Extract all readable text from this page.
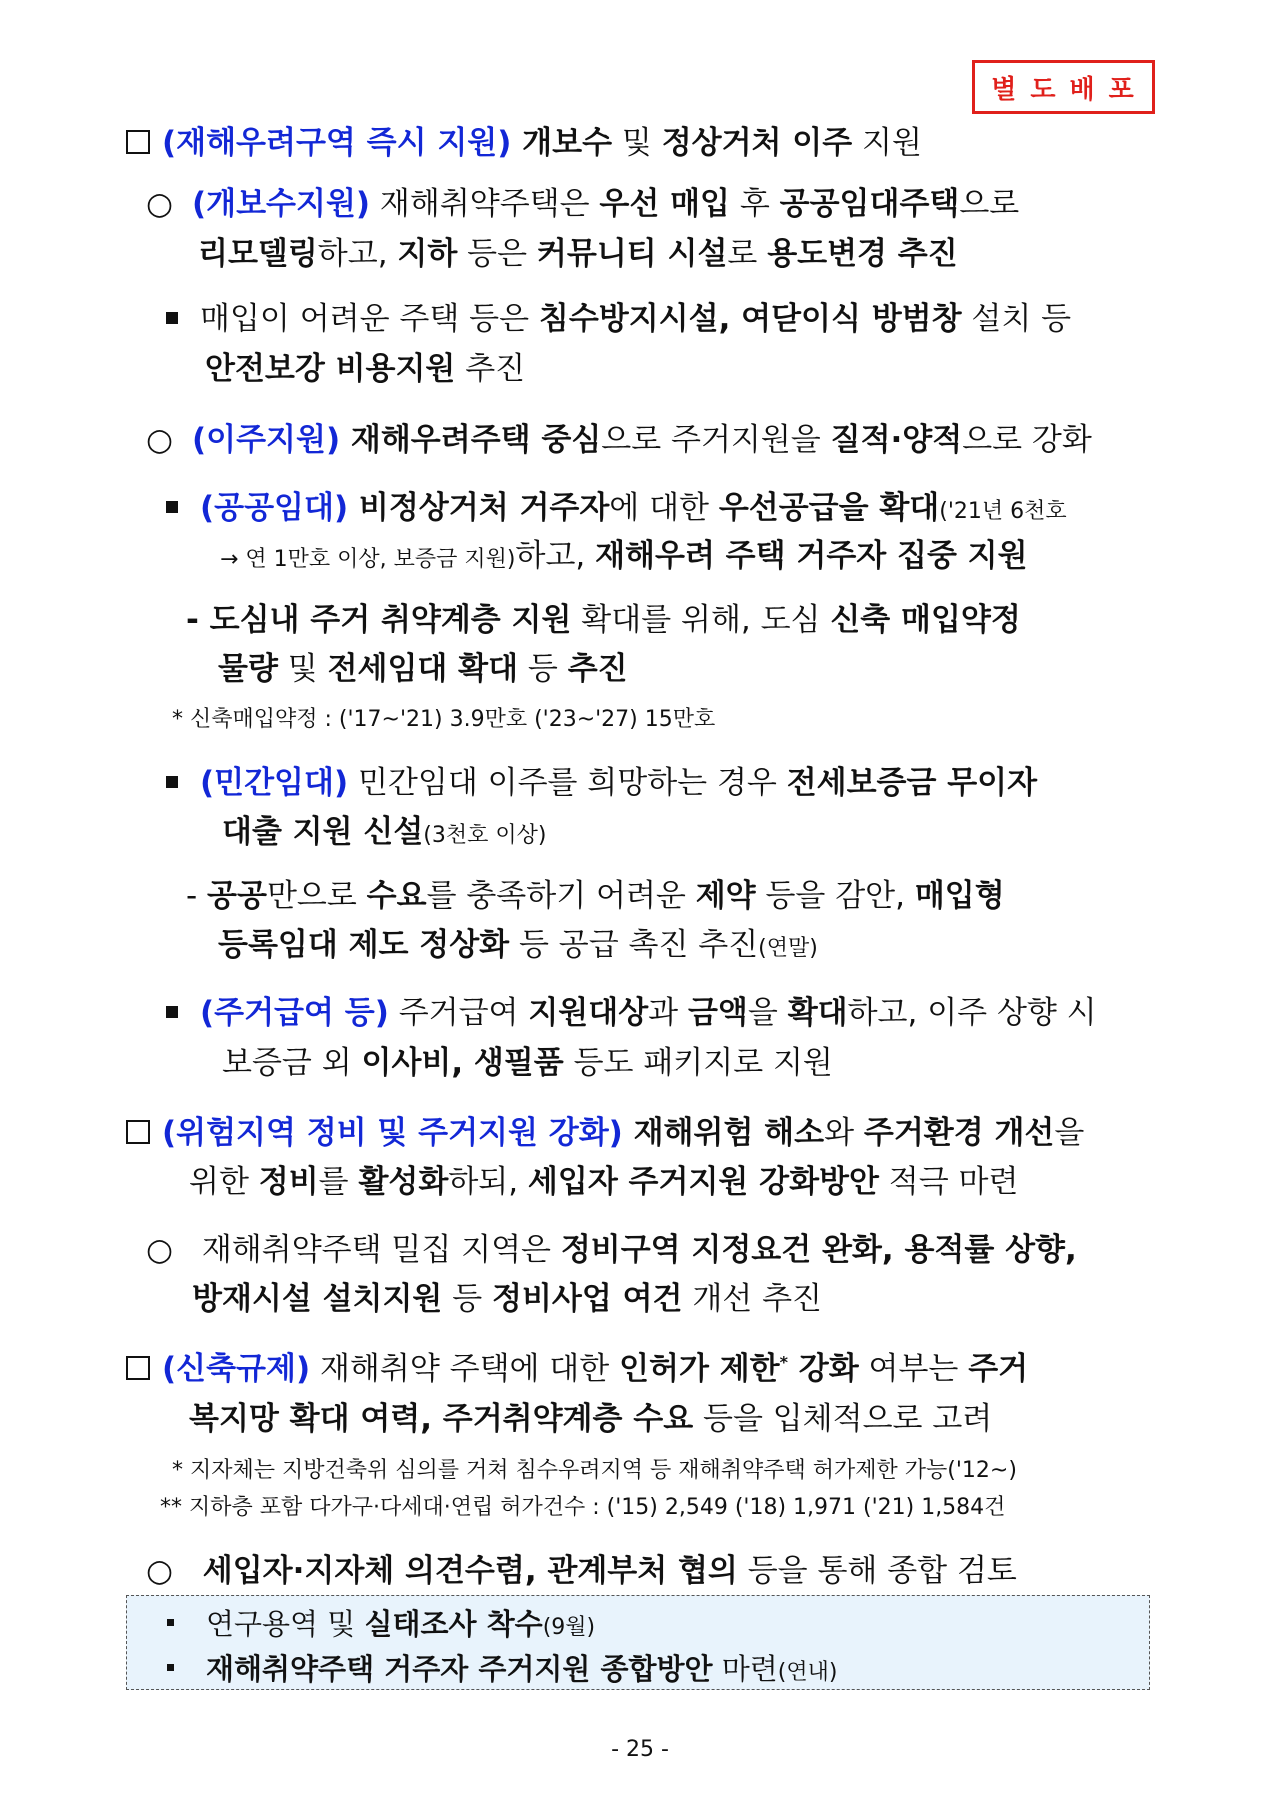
별도배포
(재해우려구역 즉시 지원) 개보수 및 정상거처 이주 지원
○ (개보수지원) 재해취약주택은 우선 매입 후 공공임대주택으로
리모델링하고, 지하 등은 커뮤니티 시설로 용도변경 추진
매입이 어려운 주택 등은 침수방지시설, 여닫이식 방범창 설치 등
안전보강 비용지원 추진
○ (이주지원) 재해우려주택 중심으로 주거지원을 질적·양적으로 강화
(공공임대) 비정상거처 거주자에 대한 우선공급을 확대('21년 6천호
→ 연 1만호 이상, 보증금 지원)하고, 재해우려 주택 거주자 집중 지원
- 도심내 주거 취약계층 지원 확대를 위해, 도심 신축 매입약정
물량 및 전세임대 확대 등 추진
* 신축매입약정 : ('17~'21) 3.9만호 ('23~'27) 15만호
(민간임대) 민간임대 이주를 희망하는 경우 전세보증금 무이자
대출 지원 신설(3천호 이상)
- 공공만으로 수요를 충족하기 어려운 제약 등을 감안, 매입형
등록임대 제도 정상화 등 공급 촉진 추진(연말)
(주거급여 등) 주거급여 지원대상과 금액을 확대하고, 이주 상향 시
보증금 외 이사비, 생필품 등도 패키지로 지원
(위험지역 정비 및 주거지원 강화) 재해위험 해소와 주거환경 개선을
위한 정비를 활성화하되, 세입자 주거지원 강화방안 적극 마련
○ 재해취약주택 밀집 지역은 정비구역 지정요건 완화, 용적률 상향,
방재시설 설치지원 등 정비사업 여건 개선 추진
(신축규제) 재해취약 주택에 대한 인허가 제한* 강화 여부는 주거
복지망 확대 여력, 주거취약계층 수요 등을 입체적으로 고려
* 지자체는 지방건축위 심의를 거쳐 침수우려지역 등 재해취약주택 허가제한 가능('12~)
** 지하층 포함 다가구·다세대·연립 허가건수 : ('15) 2,549 ('18) 1,971 ('21) 1,584건
○ 세입자·지자체 의견수렴, 관계부처 협의 등을 통해 종합 검토
연구용역 및 실태조사 착수(9월)
재해취약주택 거주자 주거지원 종합방안 마련(연내)
- 25 -
